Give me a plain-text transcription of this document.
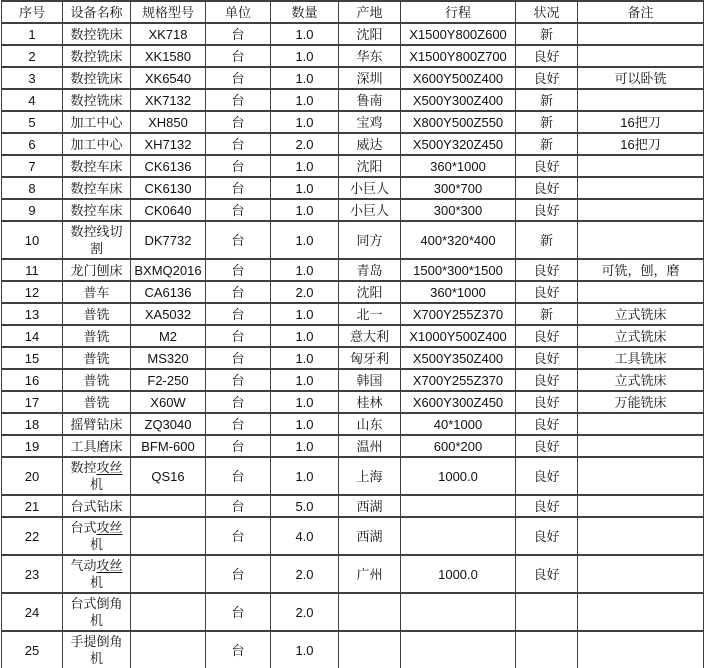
序号	设备名称	规格型号	单位	数量	产地	行程	状况	备注
1	数控铣床	XK718	台	1.0	沈阳	X1500Y800Z600	新	
2	数控铣床	XK1580	台	1.0	华东	X1500Y800Z700	良好	
3	数控铣床	XK6540	台	1.0	深圳	X600Y500Z400	良好	可以卧铣
4	数控铣床	XK7132	台	1.0	鲁南	X500Y300Z400	新	
5	加工中心	XH850	台	1.0	宝鸡	X800Y500Z550	新	16把刀
6	加工中心	XH7132	台	2.0	威达	X500Y320Z450	新	16把刀
7	数控车床	CK6136	台	1.0	沈阳	360*1000	良好	
8	数控车床	CK6130	台	1.0	小巨人	300*700	良好	
9	数控车床	CK0640	台	1.0	小巨人	300*300	良好	
10	数控线切割	DK7732	台	1.0	同方	400*320*400	新	
11	龙门刨床	BXMQ2016	台	1.0	青岛	1500*300*1500	良好	可铣，刨，磨
12	普车	CA6136	台	2.0	沈阳	360*1000	良好	
13	普铣	XA5032	台	1.0	北一	X700Y255Z370	新	立式铣床
14	普铣	M2	台	1.0	意大利	X1000Y500Z400	良好	立式铣床
15	普铣	MS320	台	1.0	匈牙利	X500Y350Z400	良好	工具铣床
16	普铣	F2-250	台	1.0	韩国	X700Y255Z370	良好	立式铣床
17	普铣	X60W	台	1.0	桂林	X600Y300Z450	良好	万能铣床
18	摇臂钻床	ZQ3040	台	1.0	山东	40*1000	良好	
19	工具磨床	BFM-600	台	1.0	温州	600*200	良好	
20	数控攻丝机	QS16	台	1.0	上海	1000.0	良好	
21	台式钻床		台	5.0	西湖		良好	
22	台式攻丝机		台	4.0	西湖		良好	
23	气动攻丝机		台	2.0	广州	1000.0	良好	
24	台式倒角机		台	2.0				
25	手提倒角机		台	1.0				
